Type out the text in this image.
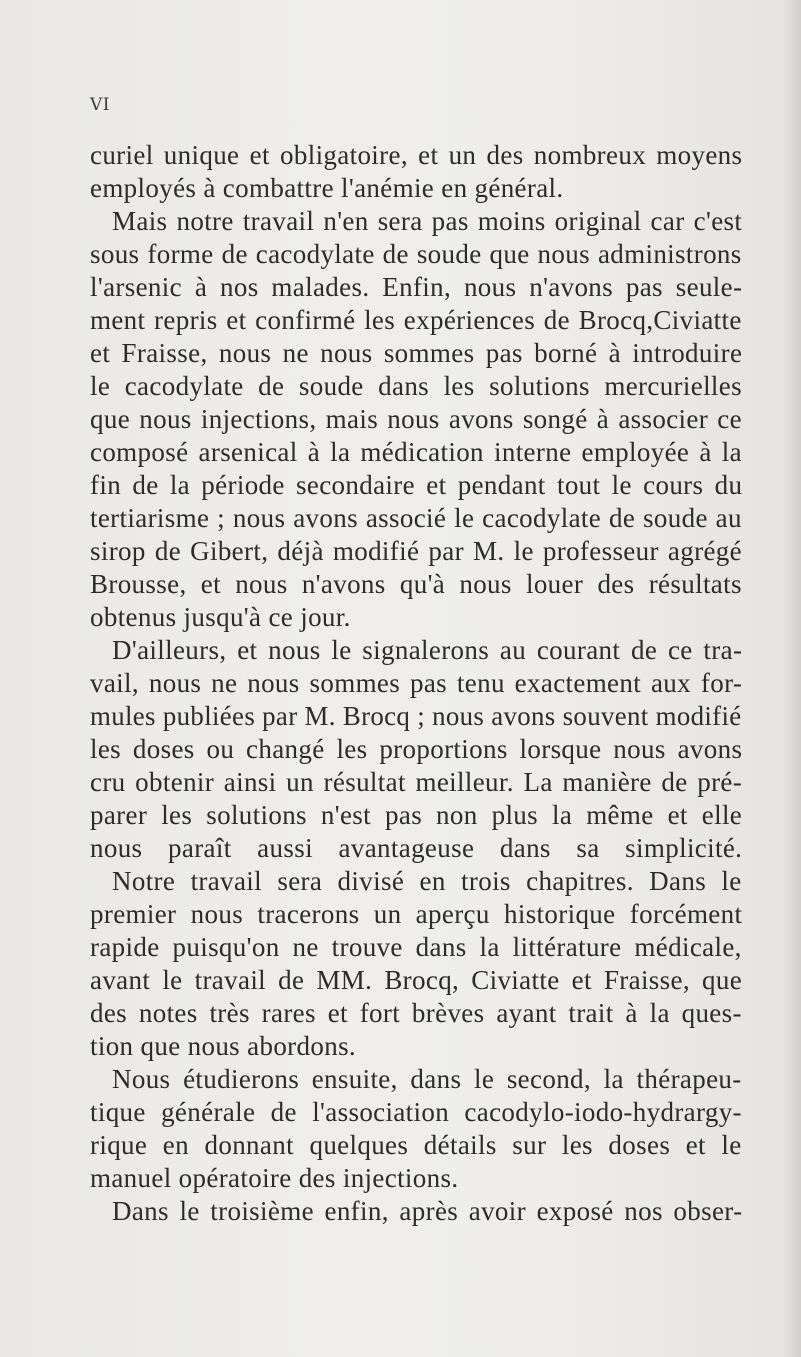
VI
curiel unique et obligatoire, et un des nombreux moyens
employés à combattre l'anémie en général.
Mais notre travail n'en sera pas moins original car c'est
sous forme de cacodylate de soude que nous administrons
l'arsenic à nos malades. Enfin, nous n'avons pas seule-
ment repris et confirmé les expériences de Brocq,Civiatte
et Fraisse, nous ne nous sommes pas borné à introduire
le cacodylate de soude dans les solutions mercurielles
que nous injections, mais nous avons songé à associer ce
composé arsenical à la médication interne employée à la
fin de la période secondaire et pendant tout le cours du
tertiarisme ; nous avons associé le cacodylate de soude au
sirop de Gibert, déjà modifié par M. le professeur agrégé
Brousse, et nous n'avons qu'à nous louer des résultats
obtenus jusqu'à ce jour.
D'ailleurs, et nous le signalerons au courant de ce tra-
vail, nous ne nous sommes pas tenu exactement aux for-
mules publiées par M. Brocq ; nous avons souvent modifié
les doses ou changé les proportions lorsque nous avons
cru obtenir ainsi un résultat meilleur. La manière de pré-
parer les solutions n'est pas non plus la même et elle
nous paraît aussi avantageuse dans sa simplicité.
Notre travail sera divisé en trois chapitres. Dans le
premier nous tracerons un aperçu historique forcément
rapide puisqu'on ne trouve dans la littérature médicale,
avant le travail de MM. Brocq, Civiatte et Fraisse, que
des notes très rares et fort brèves ayant trait à la ques-
tion que nous abordons.
Nous étudierons ensuite, dans le second, la thérapeu-
tique générale de l'association cacodylo-iodo-hydrargy-
rique en donnant quelques détails sur les doses et le
manuel opératoire des injections.
Dans le troisième enfin, après avoir exposé nos obser-
